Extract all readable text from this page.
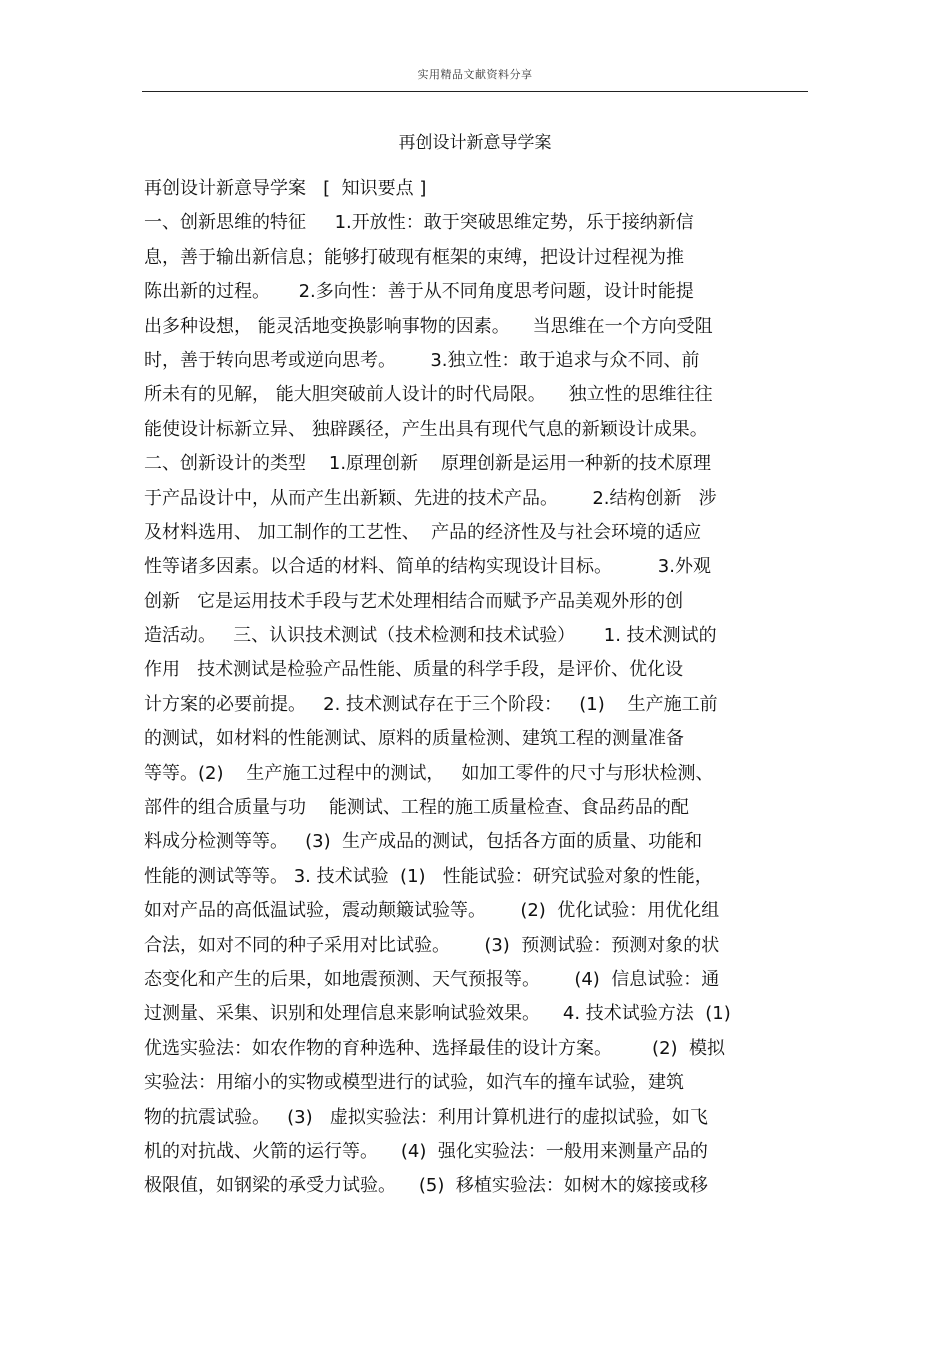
实用精品文献资料分享
再创设计新意导学案
再创设计新意导学案   [  知识要点 ]
一、创新思维的特征     1.开放性：敢于突破思维定势，乐于接纳新信
息，善于输出新信息；能够打破现有框架的束缚，把设计过程视为推
陈出新的过程。     2.多向性：善于从不同角度思考问题，设计时能提
出多种设想， 能灵活地变换影响事物的因素。    当思维在一个方向受阻
时，善于转向思考或逆向思考。      3.独立性：敢于追求与众不同、前
所未有的见解， 能大胆突破前人设计的时代局限。    独立性的思维往往
能使设计标新立异、 独辟蹊径，产生出具有现代气息的新颖设计成果。
二、创新设计的类型    1.原理创新    原理创新是运用一种新的技术原理
于产品设计中，从而产生出新颖、先进的技术产品。      2.结构创新   涉
及材料选用、 加工制作的工艺性、  产品的经济性及与社会环境的适应
性等诸多因素。以合适的材料、简单的结构实现设计目标。        3.外观
创新   它是运用技术手段与艺术处理相结合而赋予产品美观外形的创
造活动。   三、认识技术测试（技术检测和技术试验）     1. 技术测试的
作用   技术测试是检验产品性能、质量的科学手段，是评价、优化设
计方案的必要前提。   2. 技术测试存在于三个阶段：   (1)    生产施工前
的测试，如材料的性能测试、原料的质量检测、建筑工程的测量准备
等等。(2)    生产施工过程中的测试，   如加工零件的尺寸与形状检测、
部件的组合质量与功    能测试、工程的施工质量检查、食品药品的配
料成分检测等等。   (3)  生产成品的测试，包括各方面的质量、功能和
性能的测试等等。 3. 技术试验  (1)   性能试验：研究试验对象的性能，
如对产品的高低温试验，震动颠簸试验等。      (2)  优化试验：用优化组
合法，如对不同的种子采用对比试验。      (3)  预测试验：预测对象的状
态变化和产生的后果，如地震预测、天气预报等。      (4)  信息试验：通
过测量、采集、识别和处理信息来影响试验效果。    4. 技术试验方法  (1)
优选实验法：如农作物的育种选种、选择最佳的设计方案。       (2)  模拟
实验法：用缩小的实物或模型进行的试验，如汽车的撞车试验，建筑
物的抗震试验。   (3)   虚拟实验法：利用计算机进行的虚拟试验，如飞
机的对抗战、火箭的运行等。    (4)  强化实验法：一般用来测量产品的
极限值，如钢梁的承受力试验。    (5)  移植实验法：如树木的嫁接或移
